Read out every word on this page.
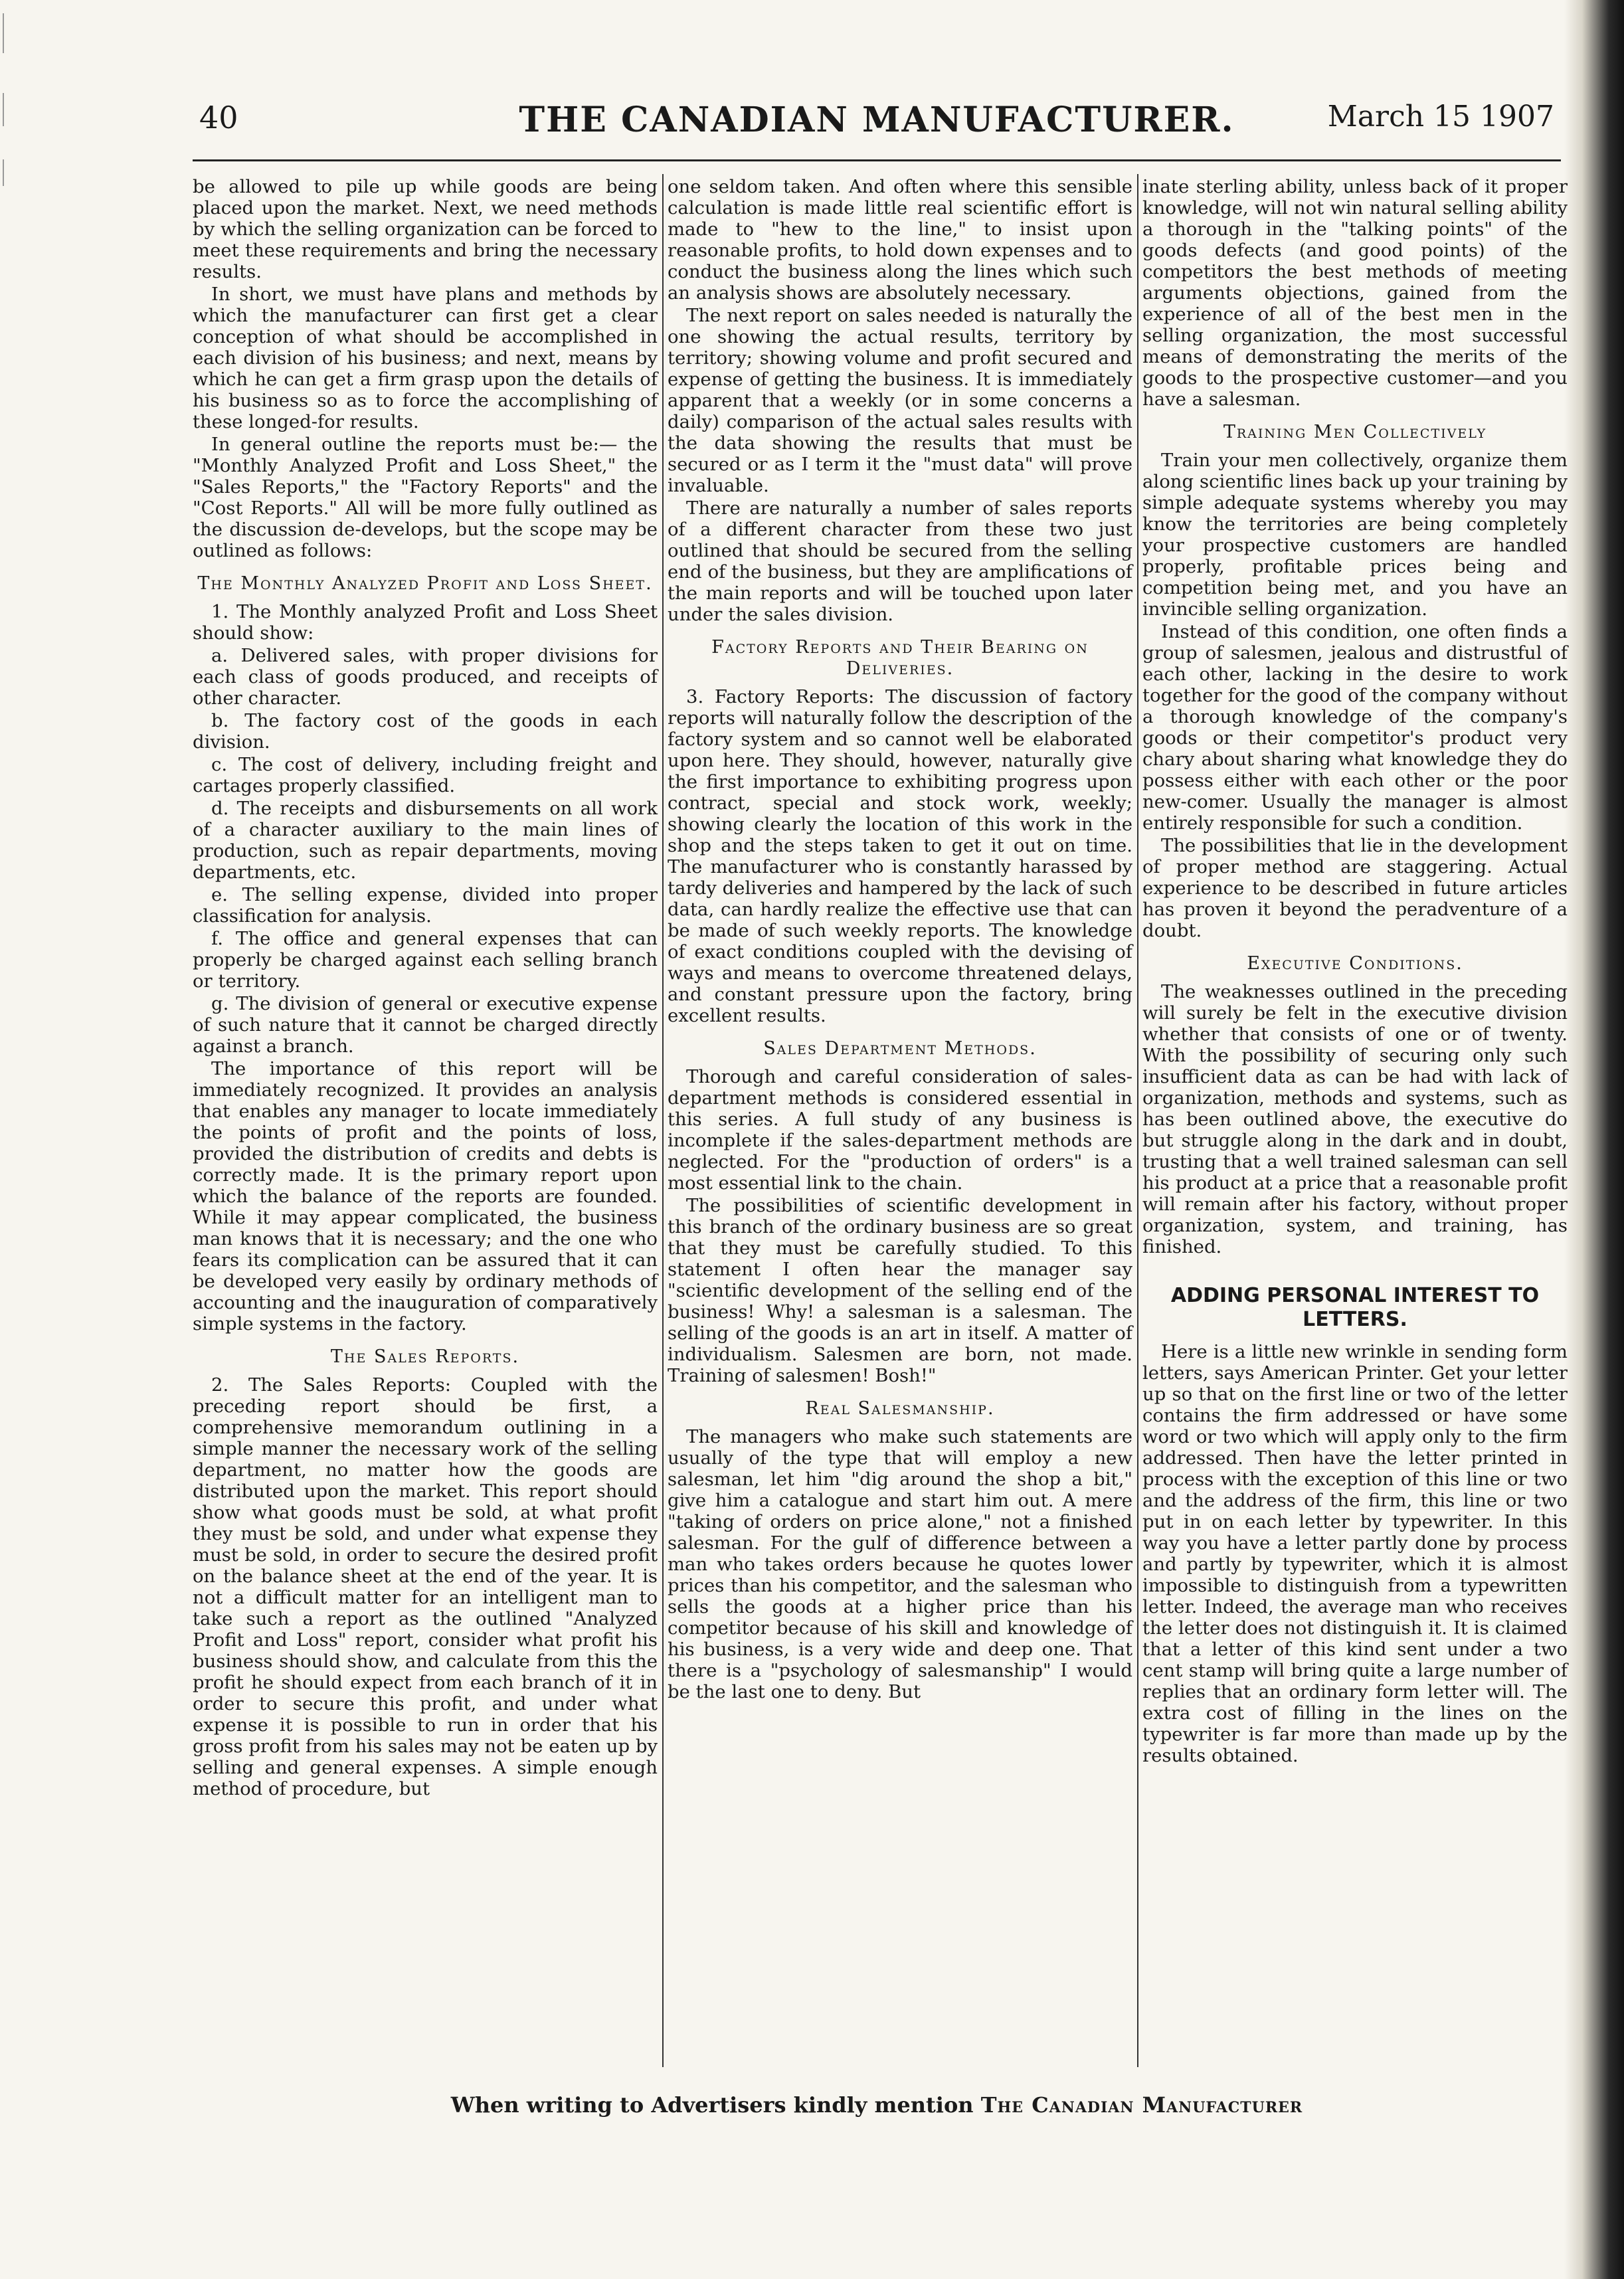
40	THE CANADIAN MANUFACTURER.	March 15 1907

be allowed to pile up while goods are being placed upon the market. Next, we need methods by which the selling organization can be forced to meet these requirements and bring the necessary results.

In short, we must have plans and methods by which the manufacturer can first get a clear conception of what should be accomplished in each division of his business; and next, means by which he can get a firm grasp upon the details of his business so as to force the accomplishing of these longed-for results.

In general outline the reports must be:— the "Monthly Analyzed Profit and Loss Sheet," the "Sales Reports," the "Factory Reports" and the "Cost Reports." All will be more fully outlined as the discussion de-develops, but the scope may be outlined as follows:

The Monthly Analyzed Profit and Loss Sheet.

1. The Monthly analyzed Profit and Loss Sheet should show:

a. Delivered sales, with proper divisions for each class of goods produced, and receipts of other character.

b. The factory cost of the goods in each division.

c. The cost of delivery, including freight and cartages properly classified.

d. The receipts and disbursements on all work of a character auxiliary to the main lines of production, such as repair departments, moving departments, etc.

e. The selling expense, divided into proper classification for analysis.

f. The office and general expenses that can properly be charged against each selling branch or territory.

g. The division of general or executive expense of such nature that it cannot be charged directly against a branch.

The importance of this report will be immediately recognized. It provides an analysis that enables any manager to locate immediately the points of profit and the points of loss, provided the distribution of credits and debts is correctly made. It is the primary report upon which the balance of the reports are founded. While it may appear complicated, the business man knows that it is necessary; and the one who fears its complication can be assured that it can be developed very easily by ordinary methods of accounting and the inauguration of comparatively simple systems in the factory.

The Sales Reports.

2. The Sales Reports: Coupled with the preceding report should be first, a comprehensive memorandum outlining in a simple manner the necessary work of the selling department, no matter how the goods are distributed upon the market. This report should show what goods must be sold, at what profit they must be sold, and under what expense they must be sold, in order to secure the desired profit on the balance sheet at the end of the year. It is not a difficult matter for an intelligent man to take such a report as the outlined "Analyzed Profit and Loss" report, consider what profit his business should show, and calculate from this the profit he should expect from each branch of it in order to secure this profit, and under what expense it is possible to run in order that his gross profit from his sales may not be eaten up by selling and general expenses. A simple enough method of procedure, but

one seldom taken. And often where this sensible calculation is made little real scientific effort is made to "hew to the line," to insist upon reasonable profits, to hold down expenses and to conduct the business along the lines which such an analysis shows are absolutely necessary.

The next report on sales needed is naturally the one showing the actual results, territory by territory; showing volume and profit secured and expense of getting the business. It is immediately apparent that a weekly (or in some concerns a daily) comparison of the actual sales results with the data showing the results that must be secured or as I term it the "must data" will prove invaluable.

There are naturally a number of sales reports of a different character from these two just outlined that should be secured from the selling end of the business, but they are amplifications of the main reports and will be touched upon later under the sales division.

Factory Reports and Their Bearing on Deliveries.

3. Factory Reports: The discussion of factory reports will naturally follow the description of the factory system and so cannot well be elaborated upon here. They should, however, naturally give the first importance to exhibiting progress upon contract, special and stock work, weekly; showing clearly the location of this work in the shop and the steps taken to get it out on time. The manufacturer who is constantly harassed by tardy deliveries and hampered by the lack of such data, can hardly realize the effective use that can be made of such weekly reports. The knowledge of exact conditions coupled with the devising of ways and means to overcome threatened delays, and constant pressure upon the factory, bring excellent results.

Sales Department Methods.

Thorough and careful consideration of sales-department methods is considered essential in this series. A full study of any business is incomplete if the sales-department methods are neglected. For the "production of orders" is a most essential link to the chain.

The possibilities of scientific development in this branch of the ordinary business are so great that they must be carefully studied. To this statement I often hear the manager say "scientific development of the selling end of the business! Why! a salesman is a salesman. The selling of the goods is an art in itself. A matter of individualism. Salesmen are born, not made. Training of salesmen! Bosh!"

Real Salesmanship.

The managers who make such statements are usually of the type that will employ a new salesman, let him "dig around the shop a bit," give him a catalogue and start him out. A mere "taking of orders on price alone," not a finished salesman. For the gulf of difference between a man who takes orders because he quotes lower prices than his competitor, and the salesman who sells the goods at a higher price than his competitor because of his skill and knowledge of his business, is a very wide and deep one. That there is a "psychology of salesmanship" I would be the last one to deny. But

inate sterling ability, unless back of it proper knowledge, will not win natural selling ability a thorough in the "talking points" of the goods defects (and good points) of the competitors the best methods of meeting arguments objections, gained from the experience of all of the best men in the selling organization, the most successful means of demonstrating the merits of the goods to the prospective customer—and you have a salesman.

Training Men Collectively

Train your men collectively, organize them along scientific lines back up your training by simple adequate systems whereby you may know the territories are being completely your prospective customers are handled properly, profitable prices being and competition being met, and you have an invincible selling organization.

Instead of this condition, one often finds a group of salesmen, jealous and distrustful of each other, lacking in the desire to work together for the good of the company without a thorough knowledge of the company's goods or their competitor's product very chary about sharing what knowledge they do possess either with each other or the poor new-comer. Usually the manager is almost entirely responsible for such a condition.

The possibilities that lie in the development of proper method are staggering. Actual experience to be described in future articles has proven it beyond the peradventure of a doubt.

Executive Conditions.

The weaknesses outlined in the preceding will surely be felt in the executive division whether that consists of one or of twenty. With the possibility of securing only such insufficient data as can be had with lack of organization, methods and systems, such as has been outlined above, the executive do but struggle along in the dark and in doubt, trusting that a well trained salesman can sell his product at a price that a reasonable profit will remain after his factory, without proper organization, system, and training, has finished.

ADDING PERSONAL INTEREST TO LETTERS.

Here is a little new wrinkle in sending form letters, says American Printer. Get your letter up so that on the first line or two of the letter contains the firm addressed or have some word or two which will apply only to the firm addressed. Then have the letter printed in process with the exception of this line or two and the address of the firm, this line or two put in on each letter by typewriter. In this way you have a letter partly done by process and partly by typewriter, which it is almost impossible to distinguish from a typewritten letter. Indeed, the average man who receives the letter does not distinguish it. It is claimed that a letter of this kind sent under a two cent stamp will bring quite a large number of replies that an ordinary form letter will. The extra cost of filling in the lines on the typewriter is far more than made up by the results obtained.

When writing to Advertisers kindly mention The Canadian Manufacturer
